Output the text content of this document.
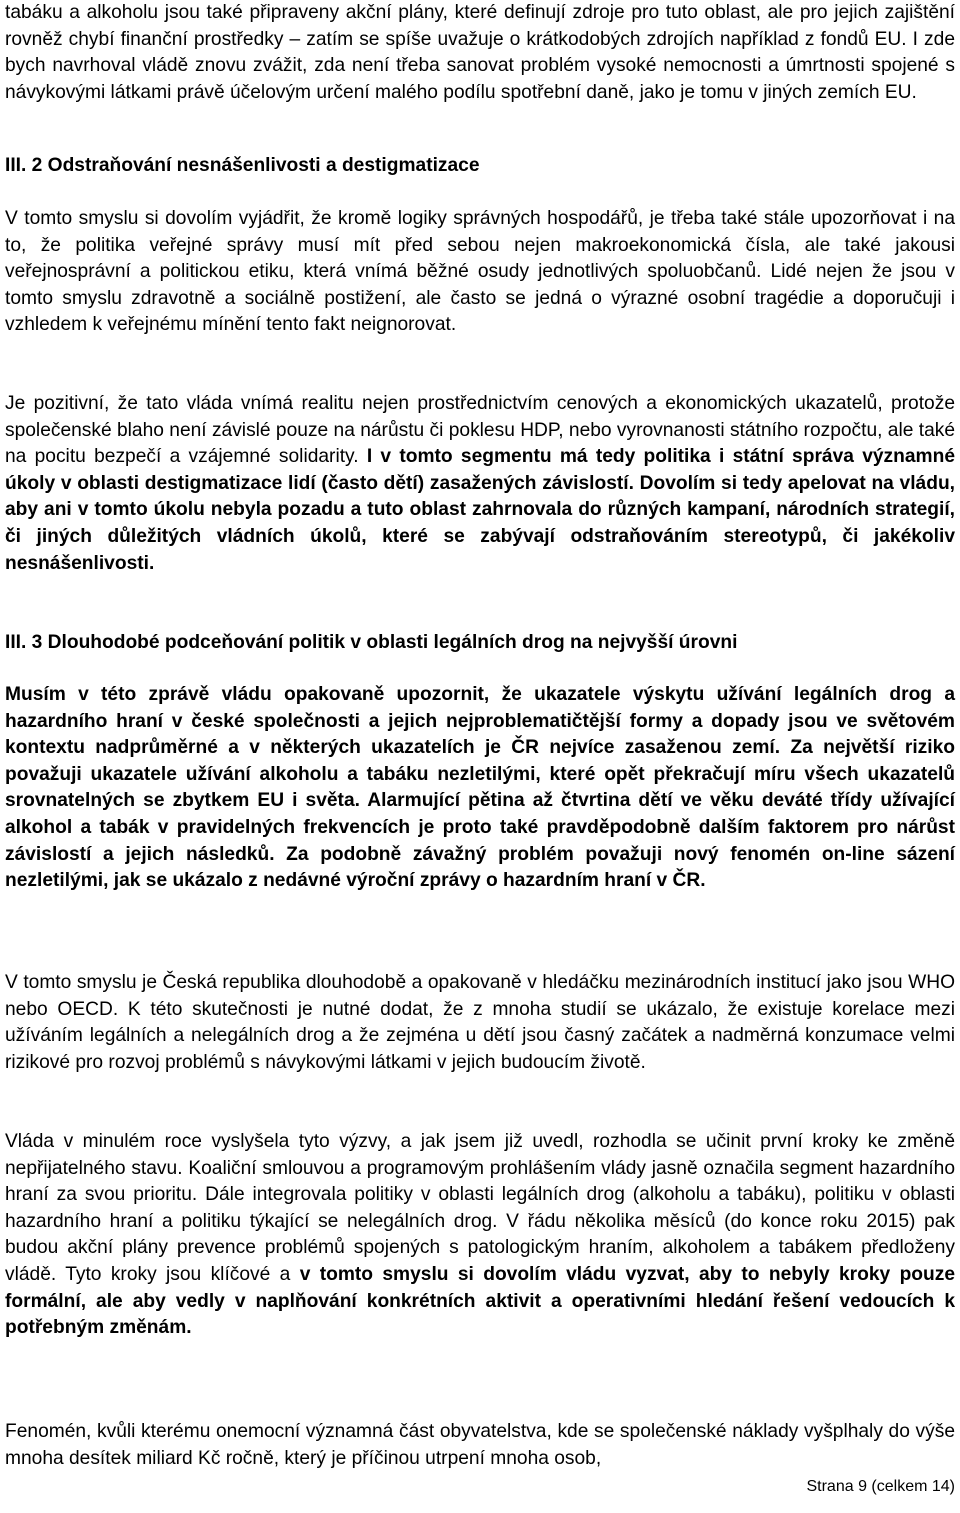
tabáku a alkoholu jsou také připraveny akční plány, které definují zdroje pro tuto oblast, ale pro jejich zajištění rovněž chybí finanční prostředky – zatím se spíše uvažuje o krátkodobých zdrojích například z fondů EU. I zde bych navrhoval vládě znovu zvážit, zda není třeba sanovat problém vysoké nemocnosti a úmrtnosti spojené s návykovými látkami právě účelovým určení malého podílu spotřební daně, jako je tomu v jiných zemích EU.

III. 2 Odstraňování nesnášenlivosti a destigmatizace

V tomto smyslu si dovolím vyjádřit, že kromě logiky správných hospodářů, je třeba také stále upozorňovat i na to, že politika veřejné správy musí mít před sebou nejen makroekonomická čísla, ale také jakousi veřejnosprávní a politickou etiku, která vnímá běžné osudy jednotlivých spoluobčanů. Lidé nejen že jsou v tomto smyslu zdravotně a sociálně postižení, ale často se jedná o výrazné osobní tragédie a doporučuji i vzhledem k veřejnému mínění tento fakt neignorovat.

Je pozitivní, že tato vláda vnímá realitu nejen prostřednictvím cenových a ekonomických ukazatelů, protože společenské blaho není závislé pouze na nárůstu či poklesu HDP, nebo vyrovnanosti státního rozpočtu, ale také na pocitu bezpečí a vzájemné solidarity. I v tomto segmentu má tedy politika i státní správa významné úkoly v oblasti destigmatizace lidí (často dětí) zasažených závislostí. Dovolím si tedy apelovat na vládu, aby ani v tomto úkolu nebyla pozadu a tuto oblast zahrnovala do různých kampaní, národních strategií, či jiných důležitých vládních úkolů, které se zabývají odstraňováním stereotypů, či jakékoliv nesnášenlivosti.

III. 3 Dlouhodobé podceňování politik v oblasti legálních drog na nejvyšší úrovni

Musím v této zprávě vládu opakovaně upozornit, že ukazatele výskytu užívání legálních drog a hazardního hraní v české společnosti a jejich nejproblematičtější formy a dopady jsou ve světovém kontextu nadprůměrné a v některých ukazatelích je ČR nejvíce zasaženou zemí. Za největší riziko považuji ukazatele užívání alkoholu a tabáku nezletilými, které opět překračují míru všech ukazatelů srovnatelných se zbytkem EU i světa. Alarmující pětina až čtvrtina dětí ve věku deváté třídy užívající alkohol a tabák v pravidelných frekvencích je proto také pravděpodobně dalším faktorem pro nárůst závislostí a jejich následků. Za podobně závažný problém považuji nový fenomén on-line sázení nezletilými, jak se ukázalo z nedávné výroční zprávy o hazardním hraní v ČR.

V tomto smyslu je Česká republika dlouhodobě a opakovaně v hledáčku mezinárodních institucí jako jsou WHO nebo OECD. K této skutečnosti je nutné dodat, že z mnoha studií se ukázalo, že existuje korelace mezi užíváním legálních a nelegálních drog a že zejména u dětí jsou časný začátek a nadměrná konzumace velmi rizikové pro rozvoj problémů s návykovými látkami v jejich budoucím životě.

Vláda v minulém roce vyslyšela tyto výzvy, a jak jsem již uvedl, rozhodla se učinit první kroky ke změně nepřijatelného stavu. Koaliční smlouvou a programovým prohlášením vlády jasně označila segment hazardního hraní za svou prioritu. Dále integrovala politiky v oblasti legálních drog (alkoholu a tabáku), politiku v oblasti hazardního hraní a politiku týkající se nelegálních drog. V řádu několika měsíců (do konce roku 2015) pak budou akční plány prevence problémů spojených s patologickým hraním, alkoholem a tabákem předloženy vládě. Tyto kroky jsou klíčové a v tomto smyslu si dovolím vládu vyzvat, aby to nebyly kroky pouze formální, ale aby vedly v naplňování konkrétních aktivit a operativními hledání řešení vedoucích k potřebným změnám.

Fenomén, kvůli kterému onemocní významná část obyvatelstva, kde se společenské náklady vyšplhaly do výše mnoha desítek miliard Kč ročně, který je příčinou utrpení mnoha osob,

Strana 9 (celkem 14)
